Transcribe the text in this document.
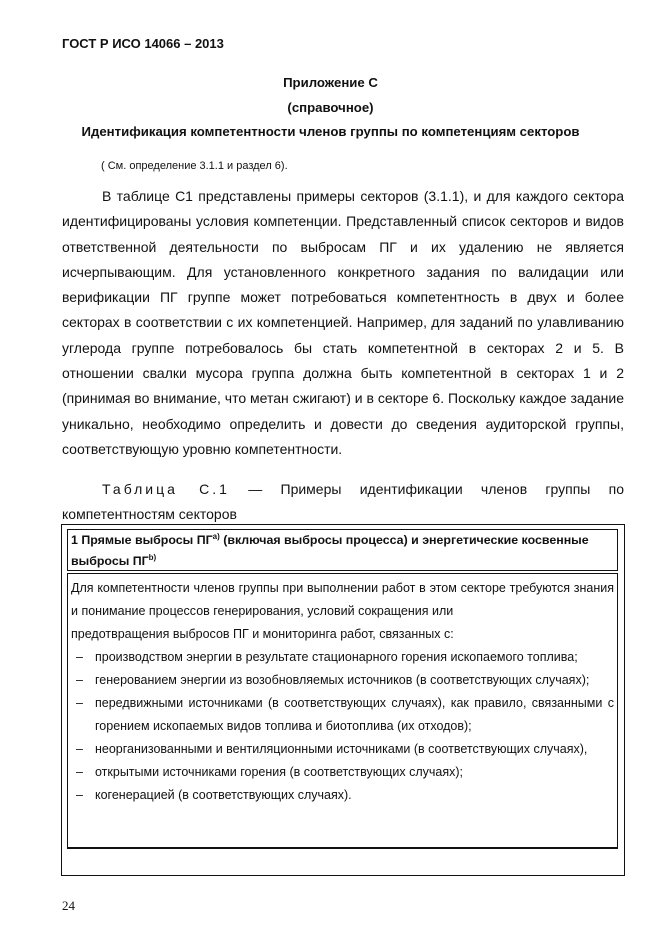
ГОСТ Р ИСО 14066 – 2013
Приложение С
(справочное)
Идентификация компетентности членов группы по компетенциям секторов
( См. определение 3.1.1 и раздел 6).

В таблице С1 представлены примеры секторов (3.1.1), и для каждого сектора идентифицированы условия компетенции. Представленный список секторов и видов ответственной деятельности по выбросам ПГ и их удалению не является исчерпывающим. Для установленного конкретного задания по валидации или верификации ПГ группе может потребоваться компетентность в двух и более секторах в соответствии с их компетенцией. Например, для заданий по улавливанию углерода группе потребовалось бы стать компетентной в секторах 2 и 5. В отношении свалки мусора группа должна быть компетентной в секторах 1 и 2 (принимая во внимание, что метан сжигают) и в секторе 6. Поскольку каждое задание уникально, необходимо определить и довести до сведения аудиторской группы, соответствующую уровню компетентности.

Таблица С.1 — Примеры идентификации членов группы по компетентностям секторов

1 Прямые выбросы $ПГ^{а)}$ (включая выбросы процесса) и энергетические косвенные выбросы ПГ$^{b)}$

Для компетентности членов группы при выполнении работ в этом секторе требуются знания и понимание процессов генерирования, условий сокращения или
предотвращения выбросов ПГ и мониторинга работ, связанных с:

– производством энергии в результате стационарного горения ископаемого топлива;
– генерованием энергии из возобновляемых источников (в соответствующих случаях);
– передвижными источниками (в соответствующих случаях), как правило, связанными с горением ископаемых видов топлива и биотоплива (их отходов);
– неорганизованными и вентиляционными источниками (в соответствующих случаях),
– открытыми источниками горения (в соответствующих случаях);
– когенерацией (в соответствующих случаях).
24
